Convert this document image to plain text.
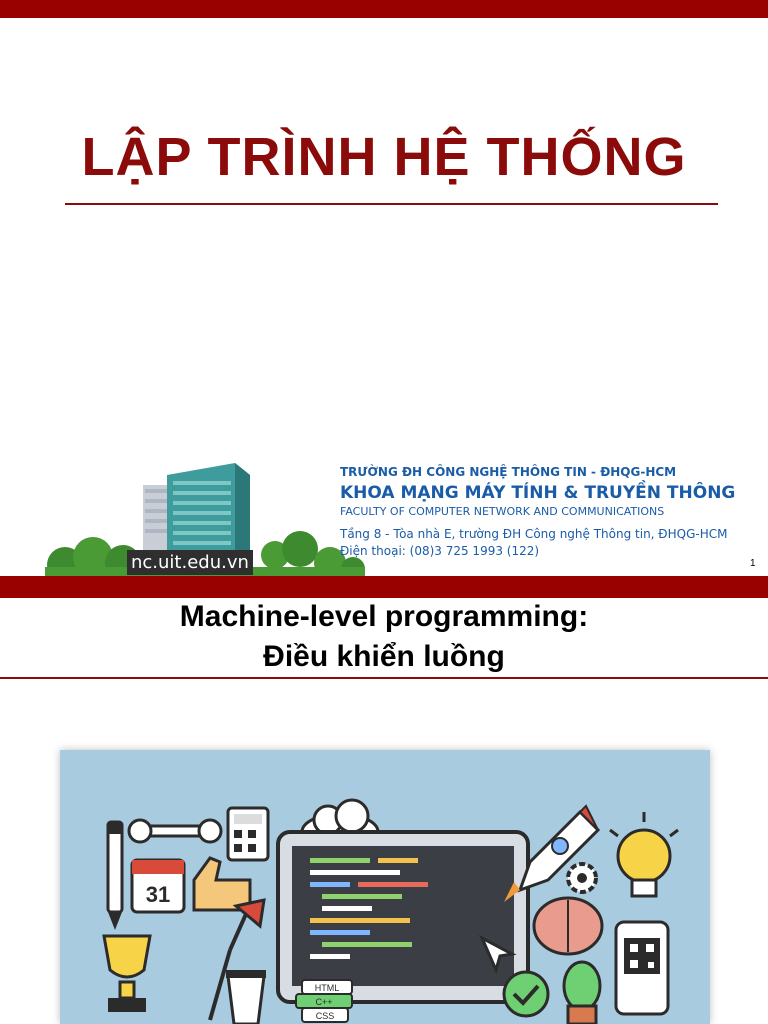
LẬP TRÌNH HỆ THỐNG
nc.uit.edu.vn
TRƯỜNG ĐH CÔNG NGHỆ THÔNG TIN - ĐHQG-HCM
KHOA MẠNG MÁY TÍNH & TRUYỀN THÔNG
FACULTY OF COMPUTER NETWORK AND COMMUNICATIONS
Tầng 8 - Tòa nhà E, trường ĐH Công nghệ Thông tin, ĐHQG-HCM
Điện thoại: (08)3 725 1993 (122)
1
Machine-level programming:
Điều khiển luồng
31
HTML
C++
CSS
